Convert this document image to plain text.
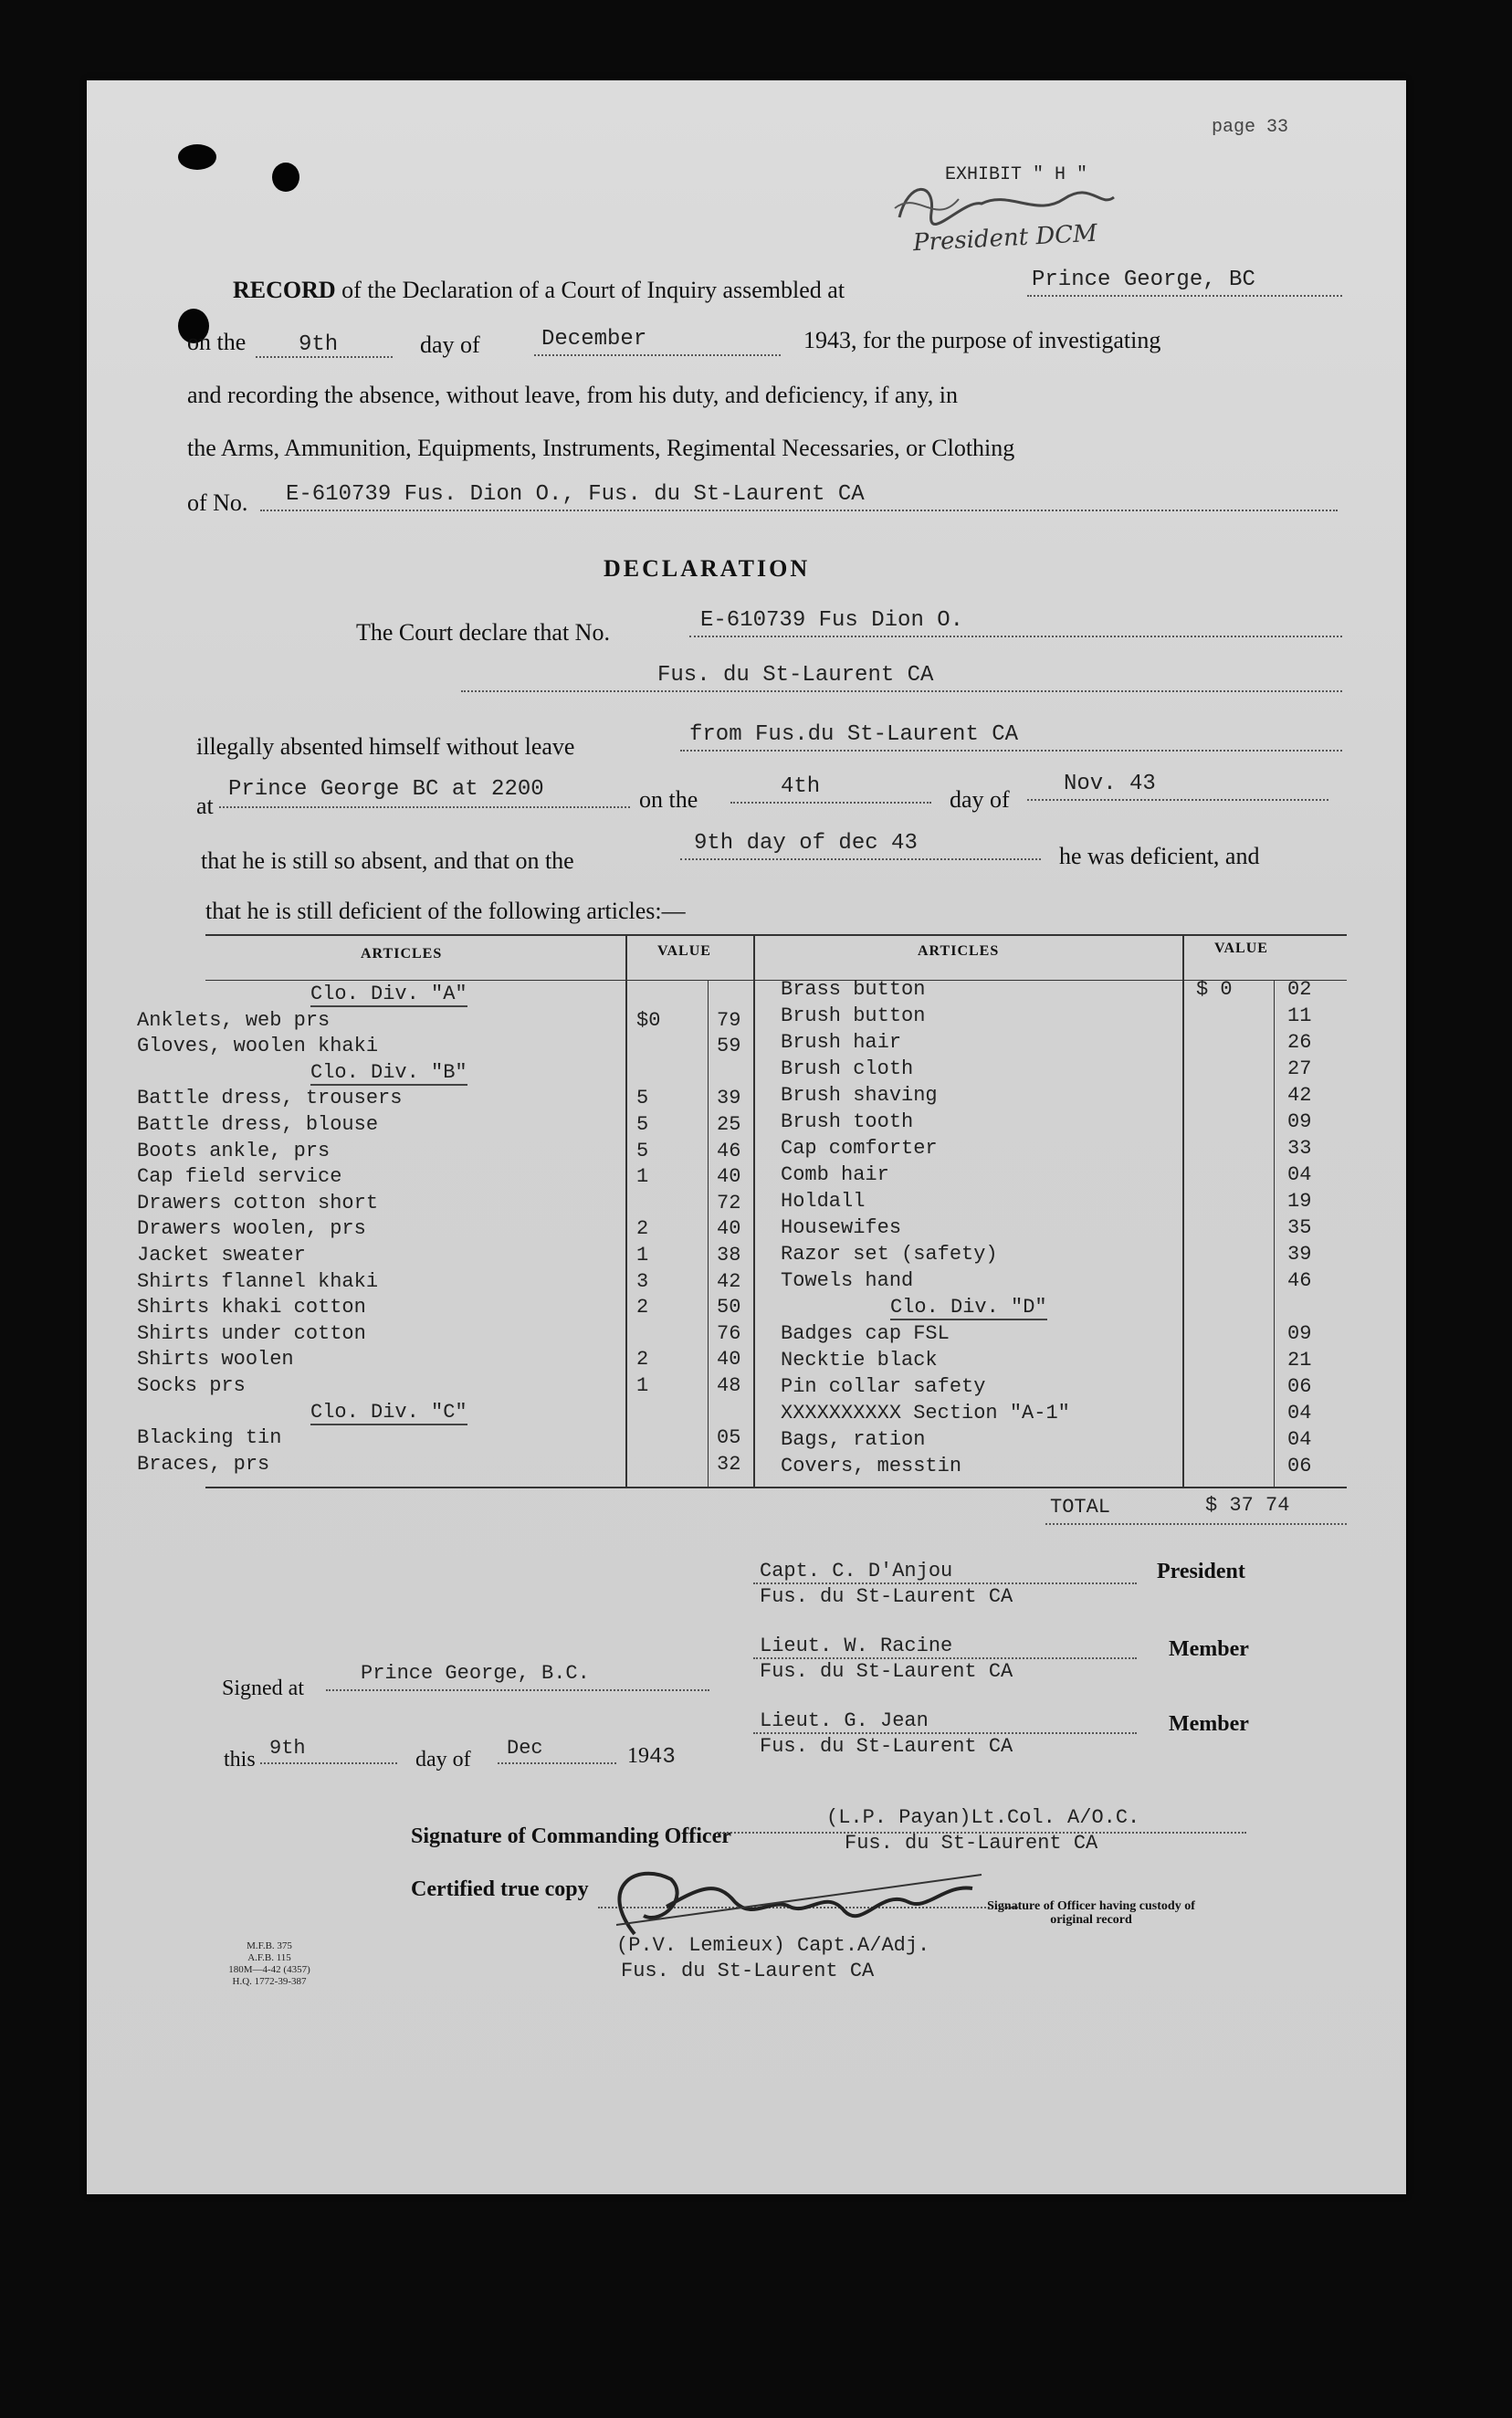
page 33
EXHIBIT " H "
President DCM
RECORD of the Declaration of a Court of Inquiry assembled at	Prince George, BC
on the 9th	day of	December	1943, for the purpose of investigating
and recording the absence, without leave, from his duty, and deficiency, if any, in
the Arms, Ammunition, Equipments, Instruments, Regimental Necessaries, or Clothing
of No. E-610739 Fus. Dion O., Fus. du St-Laurent CA
DECLARATION
The Court declare that No.	E-610739 Fus Dion O.
Fus. du St-Laurent CA
illegally absented himself without leave	from Fus.du St-Laurent CA
at
Prince George BC at 2200	on the	4th	day of
Nov. 43
that he is still so absent, and that on the
9th day of dec 43	he was deficient, and
that he is still deficient of the following articles:—
ARTICLES	VALUE	ARTICLES	VALUE
Clo. Div. "A"
Anklets, web prs	$0	79
Gloves, woolen khaki	59
Clo. Div. "B"
Battle dress, trousers	5	39
Battle dress, blouse	5	25
Boots ankle, prs	5	46
Cap field service	1	40
Drawers cotton short	72
Drawers woolen, prs	2	40
Jacket sweater	1	38
Shirts flannel khaki	3	42
Shirts khaki cotton	2	50
Shirts under cotton	76
Shirts woolen	2	40
Socks prs	1	48
Clo. Div. "C"
Blacking tin	05
Braces, prs	32
Brass button	$ 0	02
Brush button	11
Brush hair	26
Brush cloth	27
Brush shaving	42
Brush tooth	09
Cap comforter	33
Comb hair	04
Holdall	19
Housewifes	35
Razor set (safety)	39
Towels hand	46
Clo. Div. "D"
Badges cap FSL	09
Necktie black	21
Pin collar safety	06
XXXXXXXXXX Section "A-1"	04
Bags, ration	04
Covers, messtin	06
TOTAL	$ 37 74
Capt. C. D'Anjou
Fus. du St-Laurent CA
President
Lieut. W. Racine
Fus. du St-Laurent CA
Member
Lieut. G. Jean
Fus. du St-Laurent CA
Member
Signed at
Prince George, B.C.
this 9th	day of Dec	1943
Signature of Commanding Officer
(L.P. Payan)Lt.Col. A/O.C.
Fus. du St-Laurent CA
Certified true copy
Signature of Officer having custody of original record
(P.V. Lemieux) Capt.A/Adj.
Fus. du St-Laurent CA
M.F.B. 375
A.F.B. 115
180M—4-42 (4357)
H.Q. 1772-39-387
